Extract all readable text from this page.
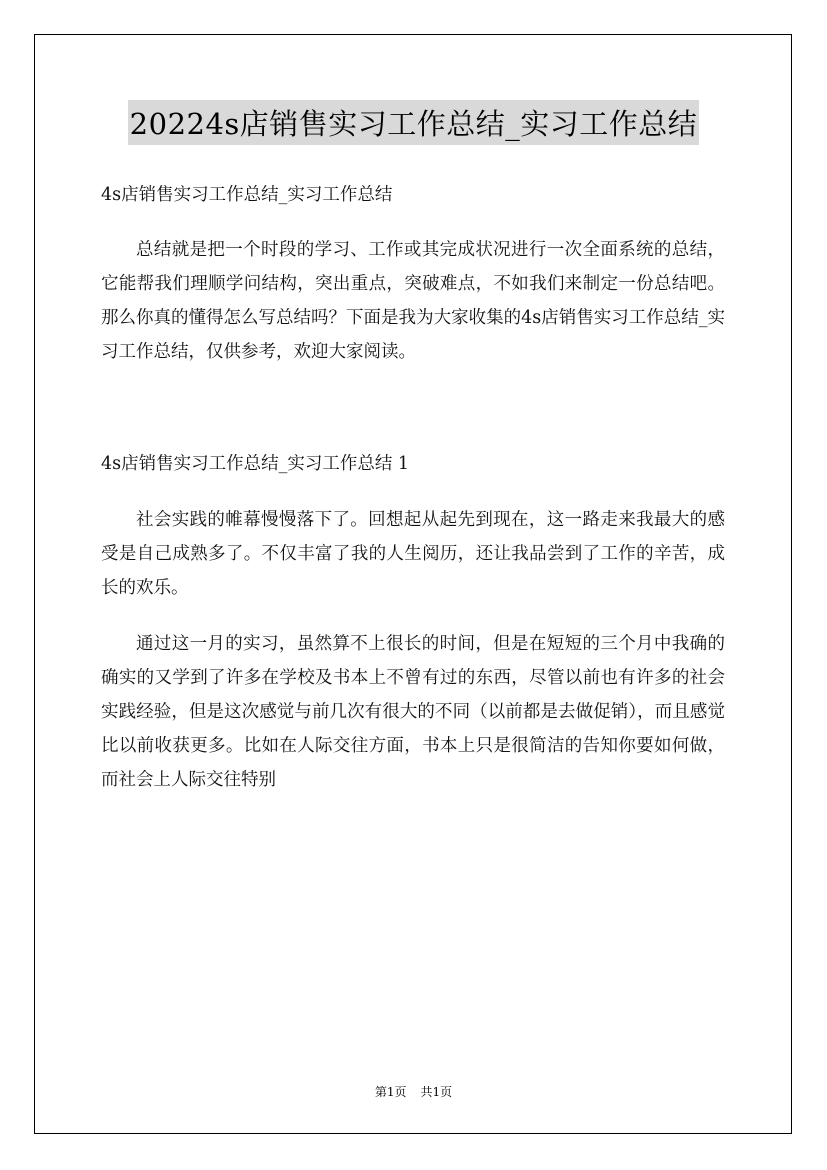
20224s店销售实习工作总结_实习工作总结

4s店销售实习工作总结_实习工作总结

总结就是把一个时段的学习、工作或其完成状况进行一次全面系统的总结，它能帮我们理顺学问结构，突出重点，突破难点，不如我们来制定一份总结吧。那么你真的懂得怎么写总结吗？下面是我为大家收集的4s店销售实习工作总结_实习工作总结，仅供参考，欢迎大家阅读。

4s店销售实习工作总结_实习工作总结 1

社会实践的帷幕慢慢落下了。回想起从起先到现在，这一路走来我最大的感受是自己成熟多了。不仅丰富了我的人生阅历，还让我品尝到了工作的辛苦，成长的欢乐。

通过这一月的实习，虽然算不上很长的时间，但是在短短的三个月中我确的确实的又学到了许多在学校及书本上不曾有过的东西，尽管以前也有许多的社会实践经验，但是这次感觉与前几次有很大的不同（以前都是去做促销），而且感觉比以前收获更多。比如在人际交往方面，书本上只是很简洁的告知你要如何做，而社会上人际交往特别

第1页 共1页
